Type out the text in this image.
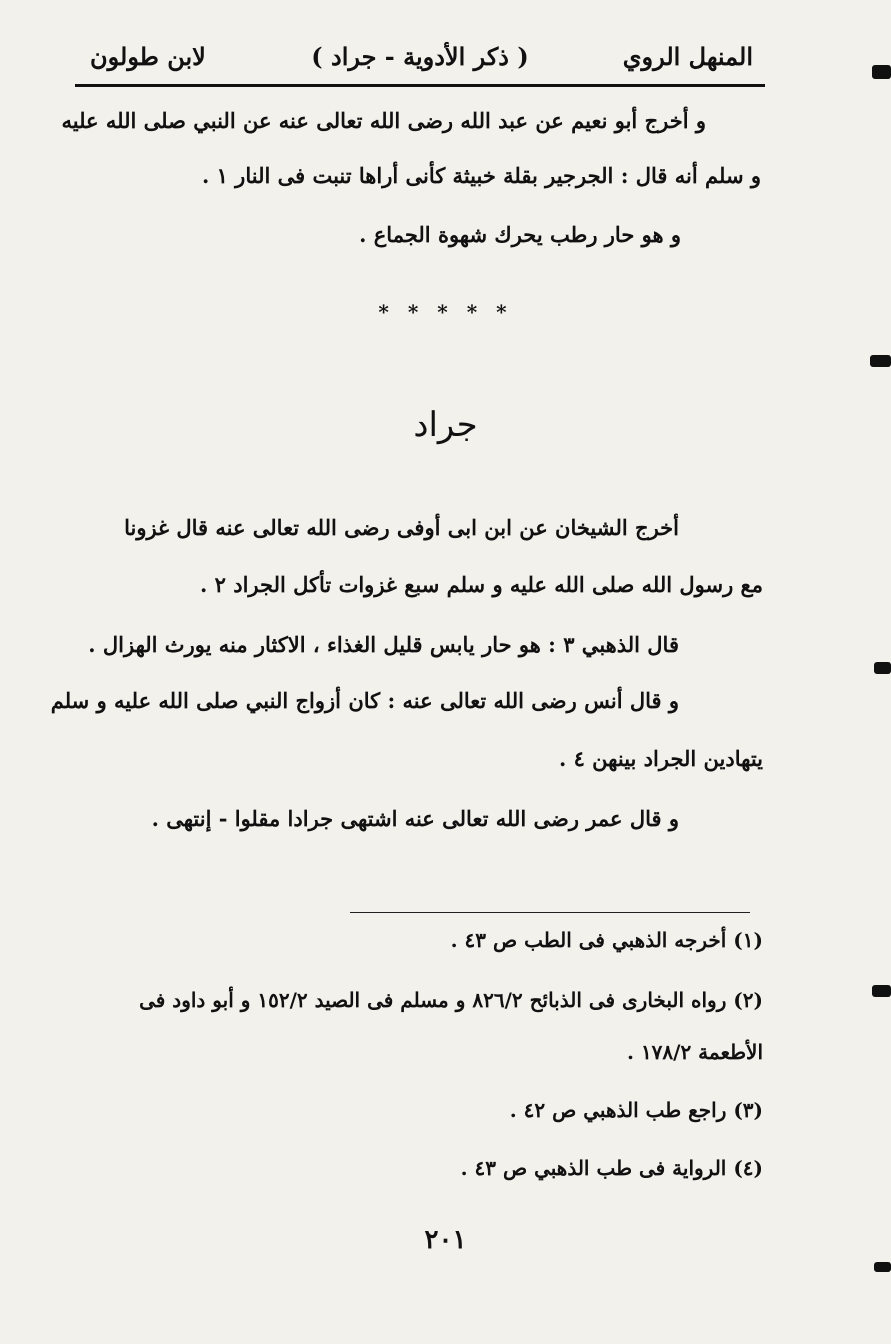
المنهل الروي
( ذكر الأدوية - جراد )
لابن طولون
و أخرج أبو نعيم عن عبد الله رضى الله تعالى عنه عن النبي صلى الله عليه
و سلم أنه قال : الجرجير بقلة خبيثة كأنى أراها تنبت فى النار ١ .
و هو حار رطب يحرك شهوة الجماع .
* * * * *
جراد
أخرج الشيخان عن ابن ابى أوفى رضى الله تعالى عنه قال غزونا
مع رسول الله صلى الله عليه و سلم سبع غزوات تأكل الجراد ٢ .
قال الذهبي ٣ : هو حار يابس قليل الغذاء ، الاكثار منه يورث الهزال .
و قال أنس رضى الله تعالى عنه : كان أزواج النبي صلى الله عليه و سلم
يتهادين الجراد بينهن ٤ .
و قال عمر رضى الله تعالى عنه اشتهى جرادا مقلوا - إنتهى .
(١) أخرجه الذهبي فى الطب ص ٤٣ .
(٢) رواه البخارى فى الذبائح ٨٢٦/٢ و مسلم فى الصيد ١٥٢/٢ و أبو داود فى
الأطعمة ١٧٨/٢ .
(٣) راجع طب الذهبي ص ٤٢ .
(٤) الرواية فى طب الذهبي ص ٤٣ .
٢٠١
